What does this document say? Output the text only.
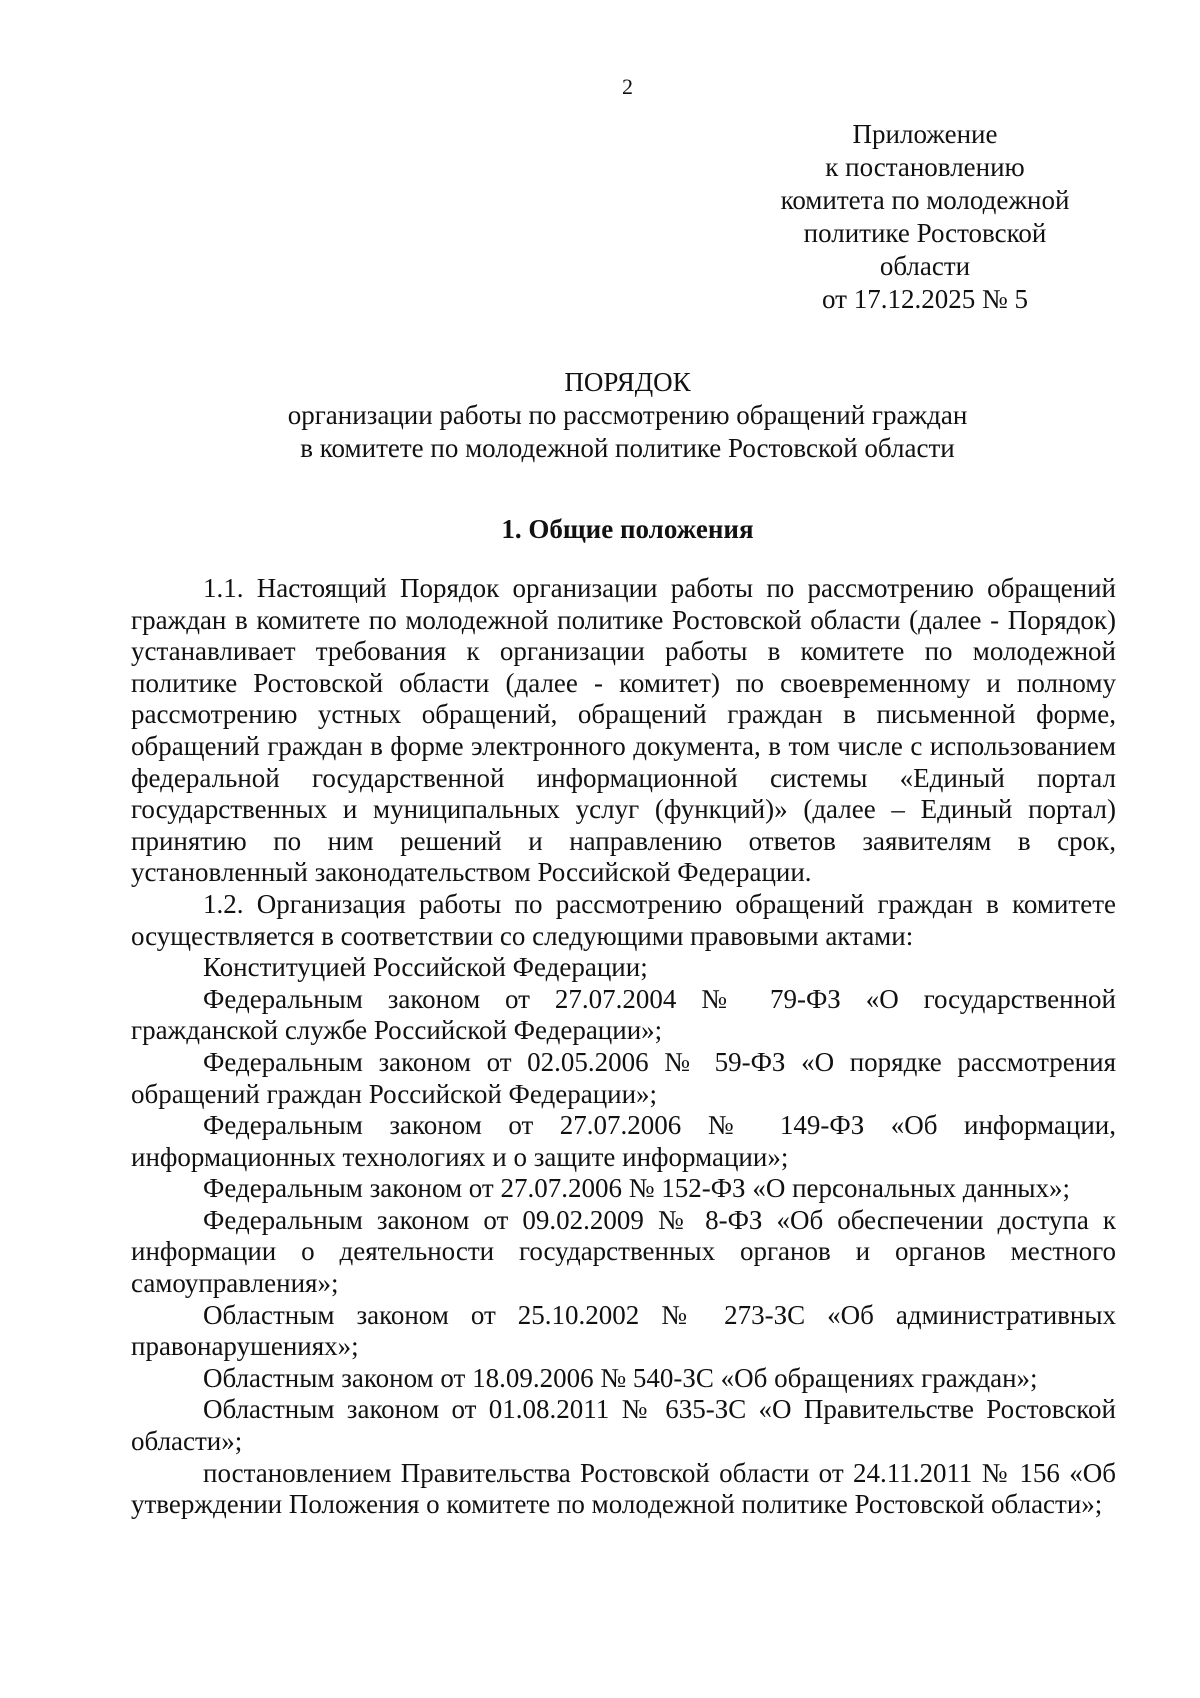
2
Приложение
к постановлению
комитета по молодежной
политике Ростовской
области
от 17.12.2025 № 5
ПОРЯДОК
организации работы по рассмотрению обращений граждан
в комитете по молодежной политике Ростовской области
1. Общие положения

1.1. Настоящий Порядок организации работы по рассмотрению обращений граждан в комитете по молодежной политике Ростовской области (далее - Порядок) устанавливает требования к организации работы в комитете по молодежной политике Ростовской области (далее - комитет) по своевременному и полному рассмотрению устных обращений, обращений граждан в письменной форме, обращений граждан в форме электронного документа, в том числе с использованием федеральной государственной информационной системы «Единый портал государственных и муниципальных услуг (функций)» (далее – Единый портал) принятию по ним решений и направлению ответов заявителям в срок, установленный законодательством Российской Федерации.

1.2. Организация работы по рассмотрению обращений граждан в комитете осуществляется в соответствии со следующими правовыми актами:

Конституцией Российской Федерации;

Федеральным законом от 27.07.2004 № 79-ФЗ «О государственной гражданской службе Российской Федерации»;

Федеральным законом от 02.05.2006 № 59-ФЗ «О порядке рассмотрения обращений граждан Российской Федерации»;

Федеральным законом от 27.07.2006 № 149-ФЗ «Об информации, информационных технологиях и о защите информации»;

Федеральным законом от 27.07.2006 № 152-ФЗ «О персональных данных»;

Федеральным законом от 09.02.2009 № 8-ФЗ «Об обеспечении доступа к информации о деятельности государственных органов и органов местного самоуправления»;

Областным законом от 25.10.2002 № 273-ЗС «Об административных правонарушениях»;

Областным законом от 18.09.2006 № 540-ЗС «Об обращениях граждан»;

Областным законом от 01.08.2011 № 635-ЗС «О Правительстве Ростовской области»;

постановлением Правительства Ростовской области от 24.11.2011 № 156 «Об утверждении Положения о комитете по молодежной политике Ростовской области»;
